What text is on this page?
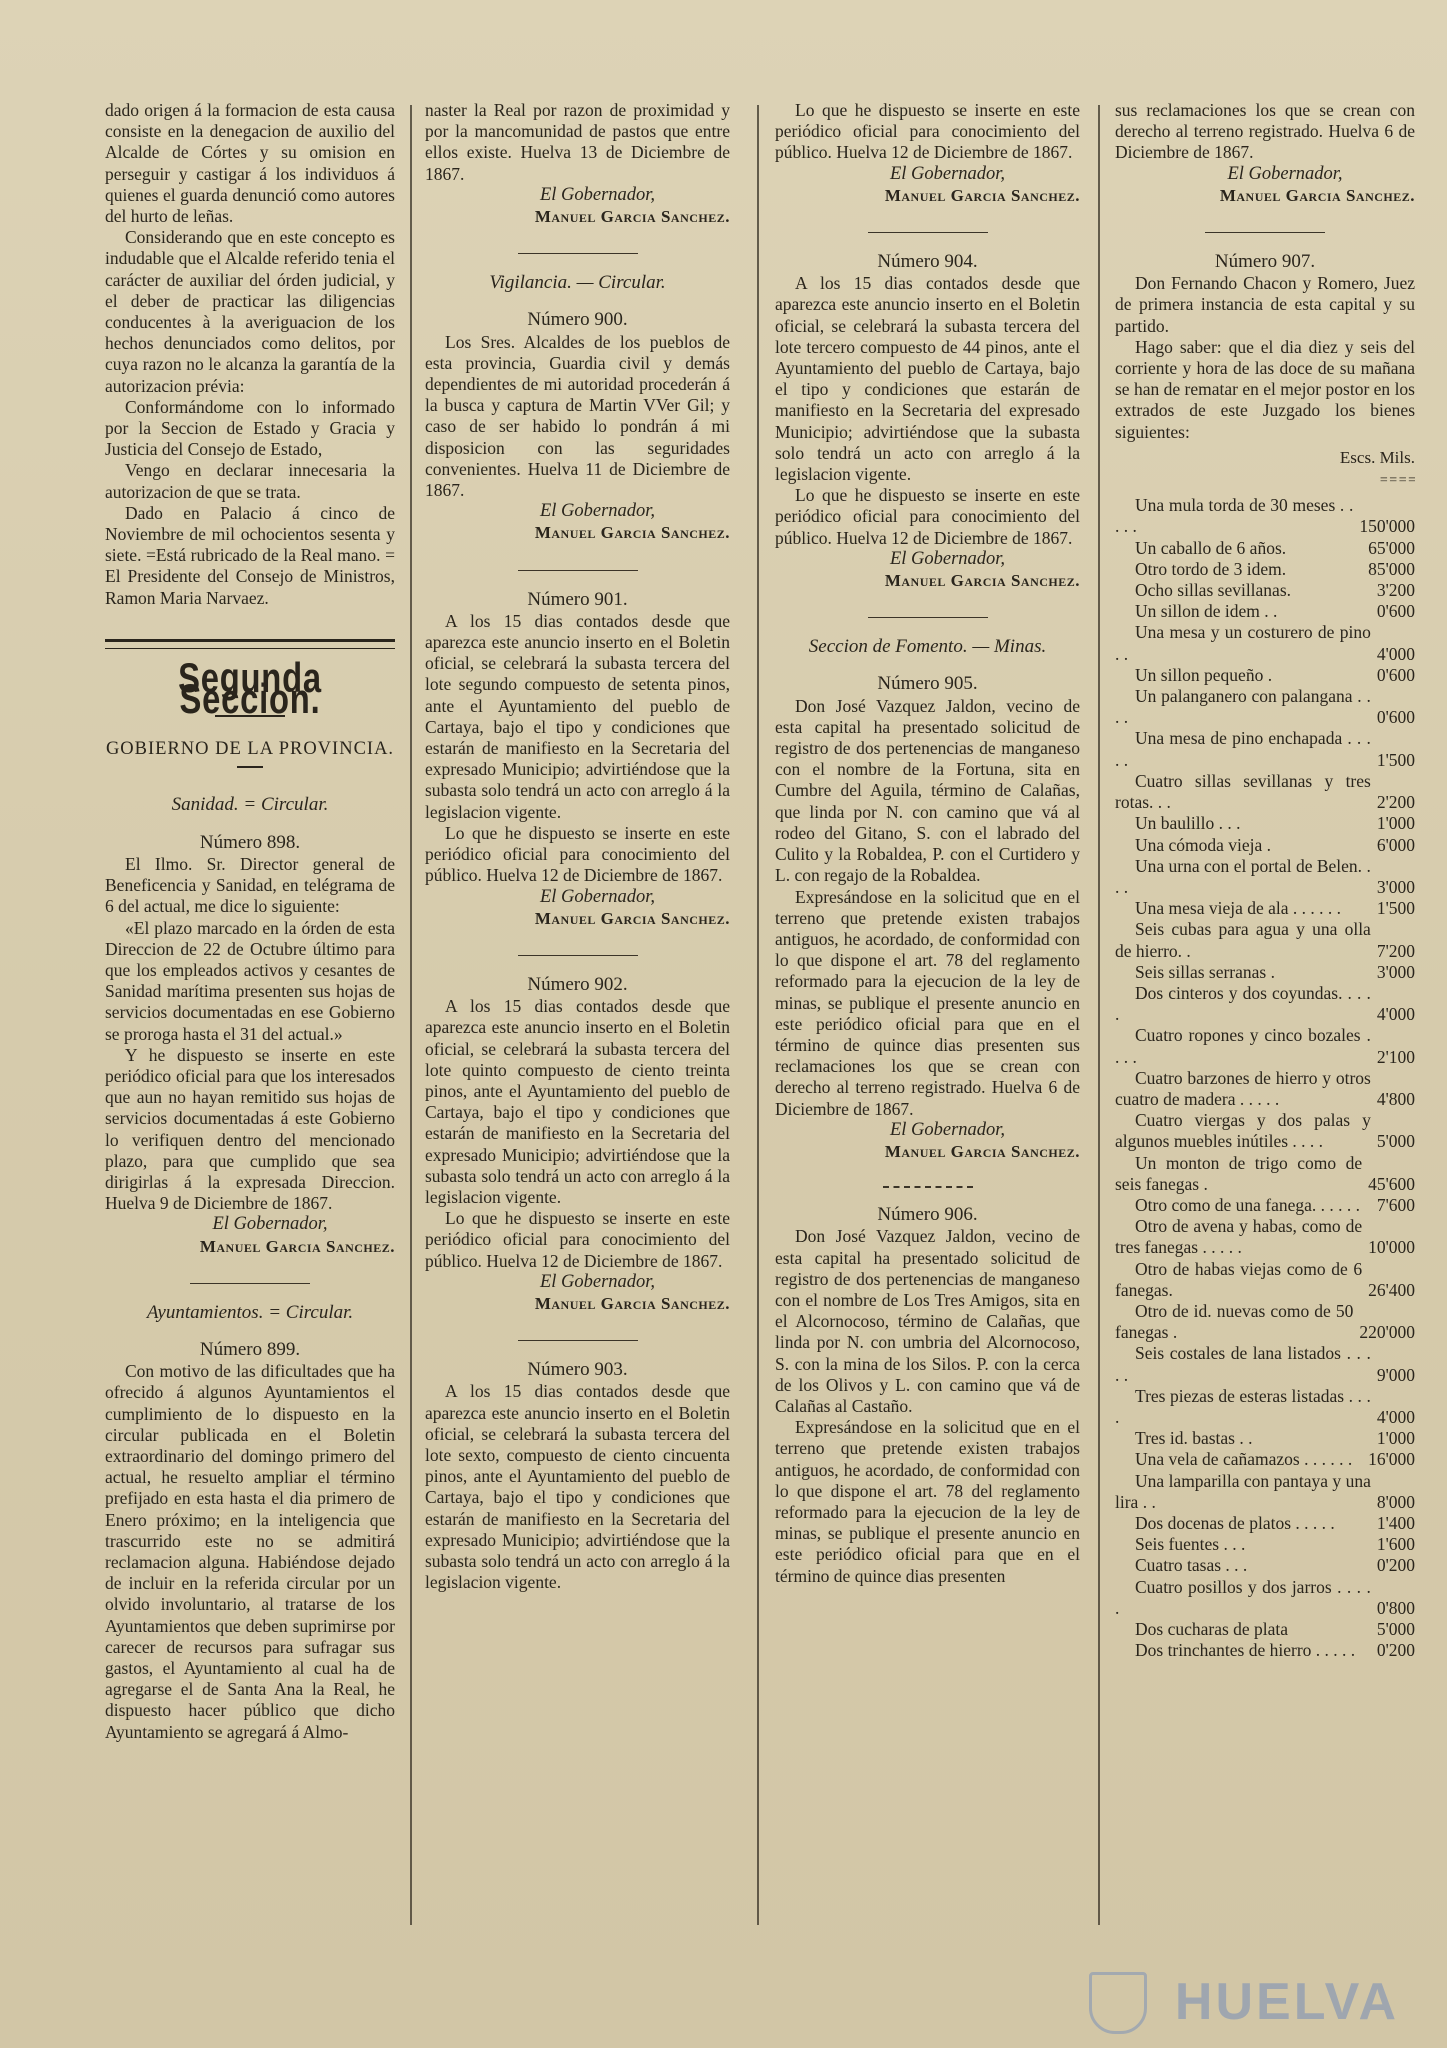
dado origen á la formacion de esta causa consiste en la denegacion de auxilio del Alcalde de Córtes y su omision en perseguir y castigar á los individuos á quienes el guarda denunció como autores del hurto de leñas.

Considerando que en este concepto es indudable que el Alcalde referido tenia el carácter de auxiliar del órden judicial, y el deber de practicar las diligencias conducentes à la averiguacion de los hechos denunciados como delitos, por cuya razon no le alcanza la garantía de la autorizacion prévia:

Conformándome con lo informado por la Seccion de Estado y Gracia y Justicia del Consejo de Estado,

Vengo en declarar innecesaria la autorizacion de que se trata.

Dado en Palacio á cinco de Noviembre de mil ochocientos sesenta y siete. =Está rubricado de la Real mano. = El Presidente del Consejo de Ministros, Ramon Maria Narvaez.

Segunda Seccion.
GOBIERNO DE LA PROVINCIA.
Sanidad. = Circular.
Número 898.

El Ilmo. Sr. Director general de Beneficencia y Sanidad, en telégrama de 6 del actual, me dice lo siguiente:

«El plazo marcado en la órden de esta Direccion de 22 de Octubre último para que los empleados activos y cesantes de Sanidad marítima presenten sus hojas de servicios documentadas en ese Gobierno se proroga hasta el 31 del actual.»

Y he dispuesto se inserte en este periódico oficial para que los interesados que aun no hayan remitido sus hojas de servicios documentadas á este Gobierno lo verifiquen dentro del mencionado plazo, para que cumplido que sea dirigirlas á la expresada Direccion. Huelva 9 de Diciembre de 1867.

El Gobernador,
Manuel Garcia Sanchez.
Ayuntamientos. = Circular.
Número 899.

Con motivo de las dificultades que ha ofrecido á algunos Ayuntamientos el cumplimiento de lo dispuesto en la circular publicada en el Boletin extraordinario del domingo primero del actual, he resuelto ampliar el término prefijado en esta hasta el dia primero de Enero próximo; en la inteligencia que trascurrido este no se admitirá reclamacion alguna. Habiéndose dejado de incluir en la referida circular por un olvido involuntario, al tratarse de los Ayuntamientos que deben suprimirse por carecer de recursos para sufragar sus gastos, el Ayuntamiento al cual ha de agregarse el de Santa Ana la Real, he dispuesto hacer público que dicho Ayuntamiento se agregará á Almo-

naster la Real por razon de proximidad y por la mancomunidad de pastos que entre ellos existe. Huelva 13 de Diciembre de 1867.

El Gobernador,
Manuel Garcia Sanchez.
Vigilancia. — Circular.
Número 900.

Los Sres. Alcaldes de los pueblos de esta provincia, Guardia civil y demás dependientes de mi autoridad procederán á la busca y captura de Martin VVer Gil; y caso de ser habido lo pondrán á mi disposicion con las seguridades convenientes. Huelva 11 de Diciembre de 1867.

El Gobernador,
Manuel Garcia Sanchez.
Número 901.

A los 15 dias contados desde que aparezca este anuncio inserto en el Boletin oficial, se celebrará la subasta tercera del lote segundo compuesto de setenta pinos, ante el Ayuntamiento del pueblo de Cartaya, bajo el tipo y condiciones que estarán de manifiesto en la Secretaria del expresado Municipio; advirtiéndose que la subasta solo tendrá un acto con arreglo á la legislacion vigente.

Lo que he dispuesto se inserte en este periódico oficial para conocimiento del público. Huelva 12 de Diciembre de 1867.

El Gobernador,
Manuel Garcia Sanchez.
Número 902.

A los 15 dias contados desde que aparezca este anuncio inserto en el Boletin oficial, se celebrará la subasta tercera del lote quinto compuesto de ciento treinta pinos, ante el Ayuntamiento del pueblo de Cartaya, bajo el tipo y condiciones que estarán de manifiesto en la Secretaria del expresado Municipio; advirtiéndose que la subasta solo tendrá un acto con arreglo á la legislacion vigente.

Lo que he dispuesto se inserte en este periódico oficial para conocimiento del público. Huelva 12 de Diciembre de 1867.

El Gobernador,
Manuel Garcia Sanchez.
Número 903.

A los 15 dias contados desde que aparezca este anuncio inserto en el Boletin oficial, se celebrará la subasta tercera del lote sexto, compuesto de ciento cincuenta pinos, ante el Ayuntamiento del pueblo de Cartaya, bajo el tipo y condiciones que estarán de manifiesto en la Secretaria del expresado Municipio; advirtiéndose que la subasta solo tendrá un acto con arreglo á la legislacion vigente.

Lo que he dispuesto se inserte en este periódico oficial para conocimiento del público. Huelva 12 de Diciembre de 1867.

El Gobernador,
Manuel Garcia Sanchez.
Número 904.

A los 15 dias contados desde que aparezca este anuncio inserto en el Boletin oficial, se celebrará la subasta tercera del lote tercero compuesto de 44 pinos, ante el Ayuntamiento del pueblo de Cartaya, bajo el tipo y condiciones que estarán de manifiesto en la Secretaria del expresado Municipio; advirtiéndose que la subasta solo tendrá un acto con arreglo á la legislacion vigente.

Lo que he dispuesto se inserte en este periódico oficial para conocimiento del público. Huelva 12 de Diciembre de 1867.

El Gobernador,
Manuel Garcia Sanchez.
Seccion de Fomento. — Minas.
Número 905.

Don José Vazquez Jaldon, vecino de esta capital ha presentado solicitud de registro de dos pertenencias de manganeso con el nombre de la Fortuna, sita en Cumbre del Aguila, término de Calañas, que linda por N. con camino que vá al rodeo del Gitano, S. con el labrado del Culito y la Robaldea, P. con el Curtidero y L. con regajo de la Robaldea.

Expresándose en la solicitud que en el terreno que pretende existen trabajos antiguos, he acordado, de conformidad con lo que dispone el art. 78 del reglamento reformado para la ejecucion de la ley de minas, se publique el presente anuncio en este periódico oficial para que en el término de quince dias presenten sus reclamaciones los que se crean con derecho al terreno registrado. Huelva 6 de Diciembre de 1867.

El Gobernador,
Manuel Garcia Sanchez.
Número 906.

Don José Vazquez Jaldon, vecino de esta capital ha presentado solicitud de registro de dos pertenencias de manganeso con el nombre de Los Tres Amigos, sita en el Alcornocoso, término de Calañas, que linda por N. con umbria del Alcornocoso, S. con la mina de los Silos. P. con la cerca de los Olivos y L. con camino que vá de Calañas al Castaño.

Expresándose en la solicitud que en el terreno que pretende existen trabajos antiguos, he acordado, de conformidad con lo que dispone el art. 78 del reglamento reformado para la ejecucion de la ley de minas, se publique el presente anuncio en este periódico oficial para que en el término de quince dias presenten

sus reclamaciones los que se crean con derecho al terreno registrado. Huelva 6 de Diciembre de 1867.

El Gobernador,
Manuel Garcia Sanchez.
Número 907.

Don Fernando Chacon y Romero, Juez de primera instancia de esta capital y su partido.

Hago saber: que el dia diez y seis del corriente y hora de las doce de su mañana se han de rematar en el mejor postor en los extrados de este Juzgado los bienes siguientes:

Escs. Mils.
= = = =
Una mula torda de 30 meses . . . . .	150'000
Un caballo de 6 años.	65'000
Otro tordo de 3 idem.	85'000
Ocho sillas sevillanas.	3'200
Un sillon de idem . .	0'600
Una mesa y un costurero de pino . .	4'000
Un sillon pequeño .	0'600
Un palanganero con palangana . . . .	0'600
Una mesa de pino enchapada . . . . .	1'500
Cuatro sillas sevillanas y tres rotas. . .	2'200
Un baulillo . . .	1'000
Una cómoda vieja .	6'000
Una urna con el portal de Belen. . . .	3'000
Una mesa vieja de ala . . . . . .	1'500
Seis cubas para agua y una olla de hierro. .	7'200
Seis sillas serranas .	3'000
Dos cinteros y dos coyundas. . . . .	4'000
Cuatro ropones y cinco bozales . . . .	2'100
Cuatro barzones de hierro y otros cuatro de madera . . . . .	4'800
Cuatro viergas y dos palas y algunos muebles inútiles . . . .	5'000
Un monton de trigo como de seis fanegas .	45'600
Otro como de una fanega. . . . . . 7'600
Otro de avena y habas, como de tres fanegas . . . . .	10'000
Otro de habas viejas como de 6 fanegas.	26'400
Otro de id. nuevas como de 50 fanegas .	220'000
Seis costales de lana listados . . . . .	9'000
Tres piezas de esteras listadas . . . .	4'000
Tres id. bastas . .	1'000
Una vela de cañamazos . . . . . . 16'000
Una lamparilla con pantaya y una lira . .	8'000
Dos docenas de platos . . . . .	1'400
Seis fuentes . . .	1'600
Cuatro tasas . . .	0'200
Cuatro posillos y dos jarros . . . . .	0'800
Dos cucharas de plata	5'000
Dos trinchantes de hierro . . . . .	0'200
HUELVA
